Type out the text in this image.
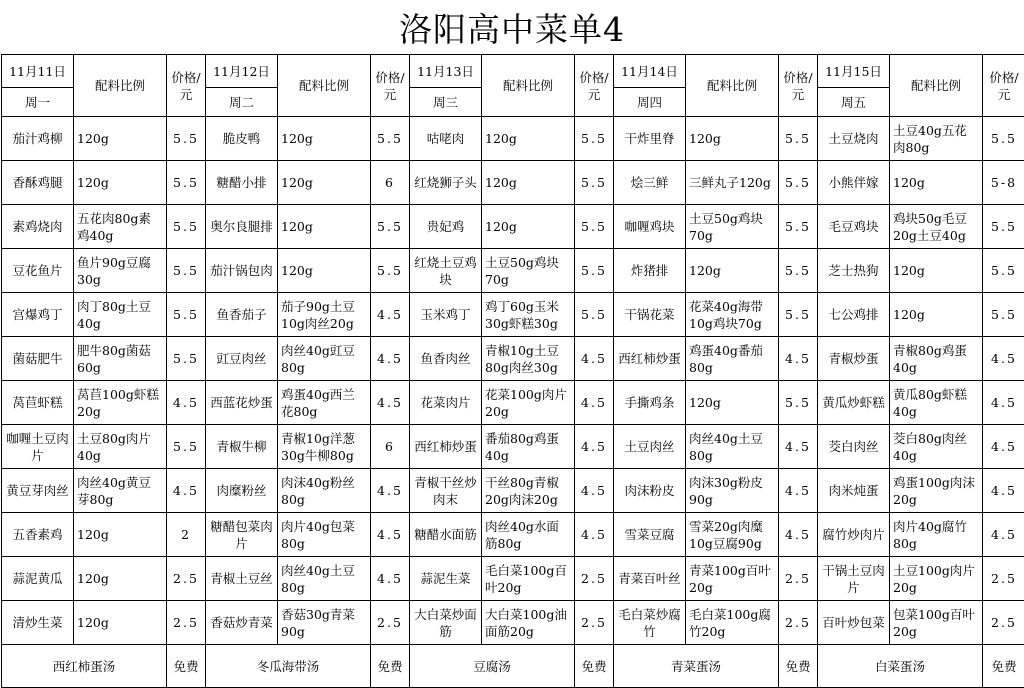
洛阳高中菜单4
11月11日	配料比例	价格/元	11月12日	配料比例	价格/元	11月13日	配料比例	价格/元	11月14日	配料比例	价格/元	11月15日	配料比例	价格/元
周一			周二			周三			周四			周五		
茄汁鸡柳	120g	5.5	脆皮鸭	120g	5.5	咕咾肉	120g	5.5	干炸里脊	120g	5.5	土豆烧肉	土豆40g五花肉80g	5.5
香酥鸡腿	120g	5.5	糖醋小排	120g	6	红烧狮子头	120g	5.5	烩三鲜	三鲜丸子120g	5.5	小熊伴嫁	120g	5-8
素鸡烧肉	五花肉80g素鸡40g	5.5	奥尔良腿排	120g	5.5	贵妃鸡	120g	5.5	咖喱鸡块	土豆50g鸡块70g	5.5	毛豆鸡块	鸡块50g毛豆20g土豆40g	5.5
豆花鱼片	鱼片90g豆腐30g	5.5	茄汁锅包肉	120g	5.5	红烧土豆鸡块	土豆50g鸡块70g	5.5	炸猪排	120g	5.5	芝士热狗	120g	5.5
宫爆鸡丁	肉丁80g土豆40g	5.5	鱼香茄子	茄子90g土豆10g肉丝20g	4.5	玉米鸡丁	鸡丁60g玉米30g虾糕30g	5.5	干锅花菜	花菜40g海带10g鸡块70g	5.5	七公鸡排	120g	5.5
菌菇肥牛	肥牛80g菌菇60g	5.5	豇豆肉丝	肉丝40g豇豆80g	4.5	鱼香肉丝	青椒10g土豆80g肉丝30g	4.5	西红柿炒蛋	鸡蛋40g番茄80g	4.5	青椒炒蛋	青椒80g鸡蛋40g	4.5
莴苣虾糕	莴苣100g虾糕20g	4.5	西蓝花炒蛋	鸡蛋40g西兰花80g	4.5	花菜肉片	花菜100g肉片20g	4.5	手撕鸡条	120g	5.5	黄瓜炒虾糕	黄瓜80g虾糕40g	4.5
咖喱土豆肉片	土豆80g肉片40g	5.5	青椒牛柳	青椒10g洋葱30g牛柳80g	6	西红柿炒蛋	番茄80g鸡蛋40g	4.5	土豆肉丝	肉丝40g土豆80g	4.5	茭白肉丝	茭白80g肉丝40g	4.5
黄豆芽肉丝	肉丝40g黄豆芽80g	4.5	肉糜粉丝	肉沫40g粉丝80g	4.5	青椒干丝炒肉末	干丝80g青椒20g肉沫20g	4.5	肉沫粉皮	肉沫30g粉皮90g	4.5	肉米炖蛋	鸡蛋100g肉沫20g	4.5
五香素鸡	120g	2	糖醋包菜肉片	肉片40g包菜80g	4.5	糖醋水面筋	肉丝40g水面筋80g	4.5	雪菜豆腐	雪菜20g肉糜10g豆腐90g	4.5	腐竹炒肉片	肉片40g腐竹80g	4.5
蒜泥黄瓜	120g	2.5	青椒土豆丝	肉丝40g土豆80g	4.5	蒜泥生菜	毛白菜100g百叶20g	2.5	青菜百叶丝	青菜100g百叶20g	2.5	干锅土豆肉片	土豆100g肉片20g	2.5
清炒生菜	120g	2.5	香菇炒青菜	香菇30g青菜90g	2.5	大白菜炒面筋	大白菜100g油面筋20g	2.5	毛白菜炒腐竹	毛白菜100g腐竹20g	2.5	百叶炒包菜	包菜100g百叶20g	2.5
西红柿蛋汤		免费	冬瓜海带汤		免费	豆腐汤		免费	青菜蛋汤		免费	白菜蛋汤		免费
